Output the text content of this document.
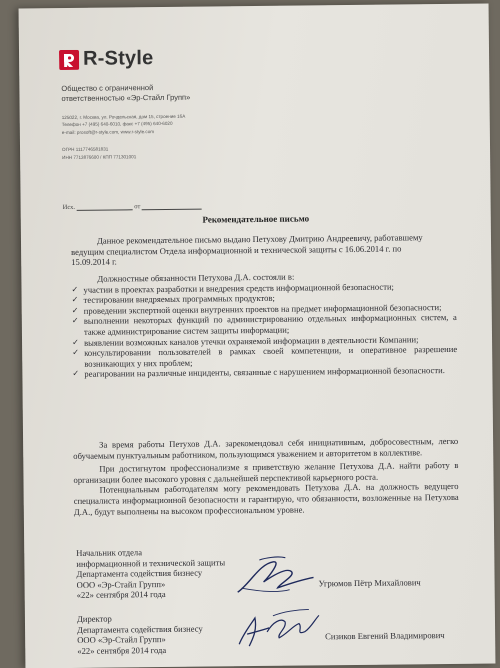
R-Style
Общество с ограниченной
ответственностью «Эр-Стайл Групп»
125022, г. Москва, ул. Рочдельская, дом 15, строение 16А
Телефон +7 (495) 640-6010, факс +7 (495) 640-6020
e-mail: prosoft@r-style.com, www.r-style.com
ОГРН 1117746581831
ИНН 7713876600 / КПП 771301001
Исх.	от
Рекомендательное письмо
Данное рекомендательное письмо выдано Петухову Дмитрию Андреевичу, работавшему
ведущим специалистом Отдела информационной и технической защиты с 16.06.2014 г. по
15.09.2014 г.

Должностные обязанности Петухова Д.А. состояли в:

✓ участии в проектах разработки и внедрения средств информационной безопасности;
✓ тестировании внедряемых программных продуктов;
✓ проведении экспертной оценки внутренних проектов на предмет информационной безопасности;
✓ выполнении некоторых функций по администрированию отдельных информационных систем, а также администрирование систем защиты информации;
✓ выявлении возможных каналов утечки охраняемой информации в деятельности Компании;
✓ консультировании пользователей в рамках своей компетенции, и оперативное разрешение возникающих у них проблем;
✓ реагировании на различные инциденты, связанные с нарушением информационной безопасности.

За время работы Петухов Д.А. зарекомендовал себя инициативным, добросовестным, легко обучаемым пунктуальным работником, пользующимся уважением и авторитетом в коллективе.

При достигнутом профессионализме я приветствую желание Петухова Д.А. найти работу в организации более высокого уровня с дальнейшей перспективой карьерного роста.

Потенциальным работодателям могу рекомендовать Петухова Д.А. на должность ведущего специалиста информационной безопасности и гарантирую, что обязанности, возложенные на Петухова Д.А., будут выполнены на высоком профессиональном уровне.

Начальник отдела
информационной и технической защиты
Департамента содействия бизнесу
ООО «Эр-Стайл Групп»
«22» сентября 2014 года
Угрюмов Пётр Михайлович
Директор
Департамента содействия бизнесу
ООО «Эр-Стайл Групп»
«22» сентября 2014 года
Сизиков Евгений Владимирович
